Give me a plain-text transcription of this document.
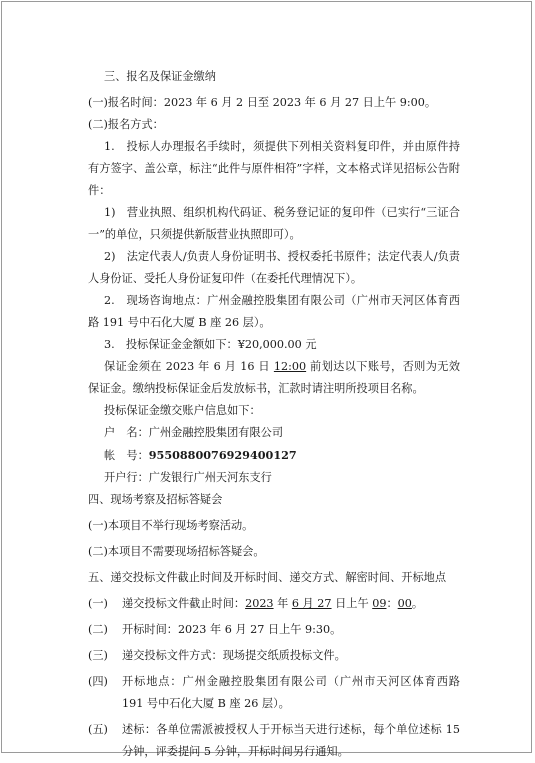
三、报名及保证金缴纳

(一)报名时间：2023 年 6 月 2 日至 2023 年 6 月 27 日上午 9:00。

(二)报名方式：

1.　投标人办理报名手续时，须提供下列相关资料复印件，并由原件持有方签字、盖公章，标注“此件与原件相符”字样，文本格式详见招标公告附件：

1)　营业执照、组织机构代码证、税务登记证的复印件（已实行“三证合一”的单位，只须提供新版营业执照即可）。

2)　法定代表人/负责人身份证明书、授权委托书原件；法定代表人/负责人身份证、受托人身份证复印件（在委托代理情况下）。

2.　现场咨询地点：广州金融控股集团有限公司（广州市天河区体育西路 191 号中石化大厦 B 座 26 层）。

3.　投标保证金金额如下：¥20,000.00 元

保证金须在 2023 年 6 月 16 日 12:00 前划达以下账号，否则为无效保证金。缴纳投标保证金后发放标书，汇款时请注明所投项目名称。

投标保证金缴交账户信息如下：

户　名：广州金融控股集团有限公司

帐　号：9550880076929400127

开户行：广发银行广州天河东支行

四、现场考察及招标答疑会

(一)本项目不举行现场考察活动。

(二)本项目不需要现场招标答疑会。

五、递交投标文件截止时间及开标时间、递交方式、解密时间、开标地点

(一) 递交投标文件截止时间：2023 年 6 月 27 日上午 09：00。

(二) 开标时间：2023 年 6 月 27 日上午 9:30。

(三) 递交投标文件方式：现场提交纸质投标文件。

(四)	开标地点：广州金融控股集团有限公司（广州市天河区体育西路 191 号中石化大厦 B 座 26 层）。

(五)	述标：各单位需派被授权人于开标当天进行述标，每个单位述标 15 分钟，评委提问 5 分钟，开标时间另行通知。
